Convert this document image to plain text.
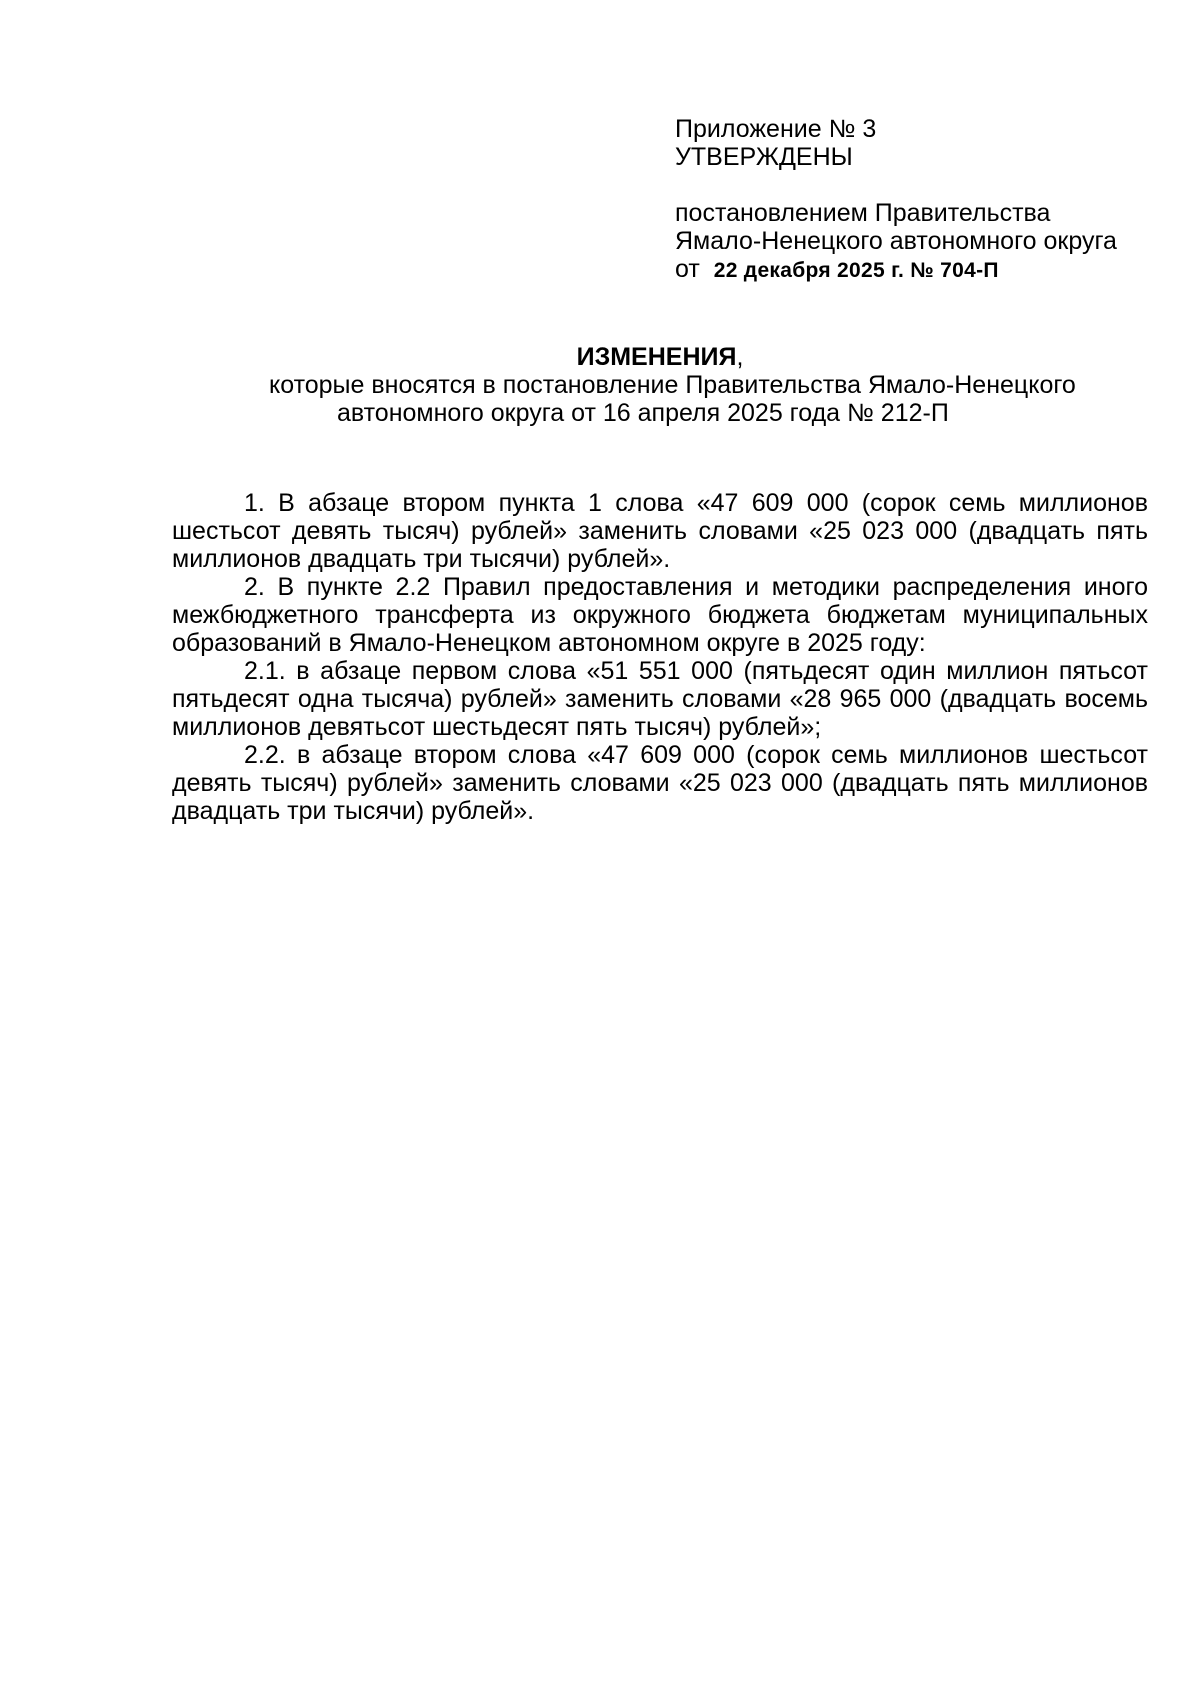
Приложение № 3
УТВЕРЖДЕНЫ
постановлением Правительства
Ямало-Ненецкого автономного округа
от 22 декабря 2025 г. № 704-П
ИЗМЕНЕНИЯ,
которые вносятся в постановление Правительства Ямало-Ненецкого
автономного округа от 16 апреля 2025 года № 212-П

1. В абзаце втором пункта 1 слова «47 609 000 (сорок семь миллионов шестьсот девять тысяч) рублей» заменить словами «25 023 000 (двадцать пять миллионов двадцать три тысячи) рублей».

2. В пункте 2.2 Правил предоставления и методики распределения иного межбюджетного трансферта из окружного бюджета бюджетам муниципальных образований в Ямало-Ненецком автономном округе в 2025 году:

2.1. в абзаце первом слова «51 551 000 (пятьдесят один миллион пятьсот пятьдесят одна тысяча) рублей» заменить словами «28 965 000 (двадцать восемь миллионов девятьсот шестьдесят пять тысяч) рублей»;

2.2. в абзаце втором слова «47 609 000 (сорок семь миллионов шестьсот девять тысяч) рублей» заменить словами «25 023 000 (двадцать пять миллионов двадцать три тысячи) рублей».
